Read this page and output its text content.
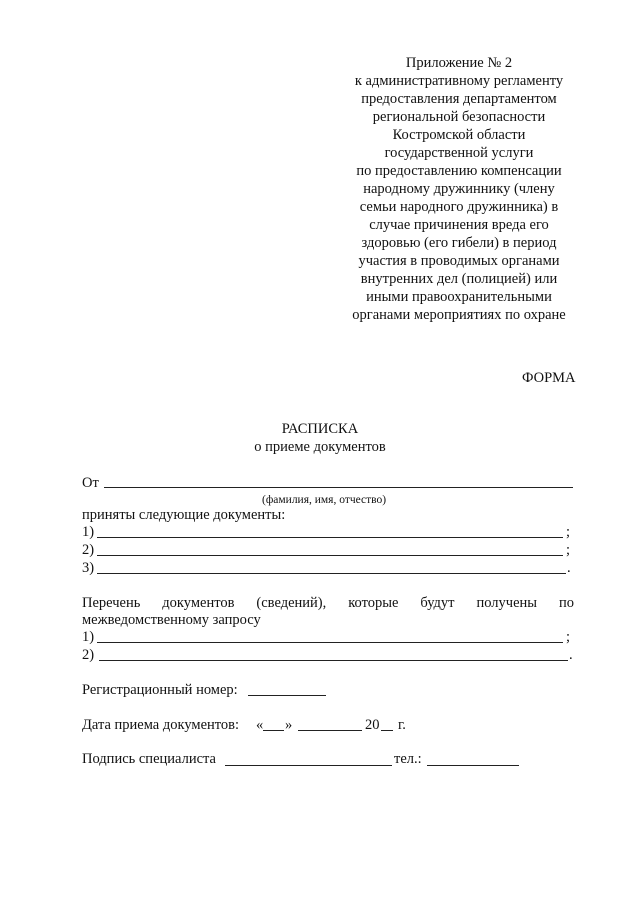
Приложение № 2
к административному регламенту
предоставления департаментом
региональной безопасности
Костромской области
государственной услуги
по предоставлению компенсации
народному дружиннику (члену
семьи народного дружинника) в
случае причинения вреда его
здоровью (его гибели) в период
участия в проводимых органами
внутренних дел (полицией) или
иными правоохранительными
органами мероприятиях по охране
ФОРМА
РАСПИСКА
о приеме документов
От
(фамилия, имя, отчество)
приняты следующие документы:
1)	;
2)	;
3)	.
Перечень документов (сведений), которые будут получены по
межведомственному запросу
1)	;
2)	.
Регистрационный номер:
Дата приема документов: « »	20 г.
Подпись специалиста	тел.:
